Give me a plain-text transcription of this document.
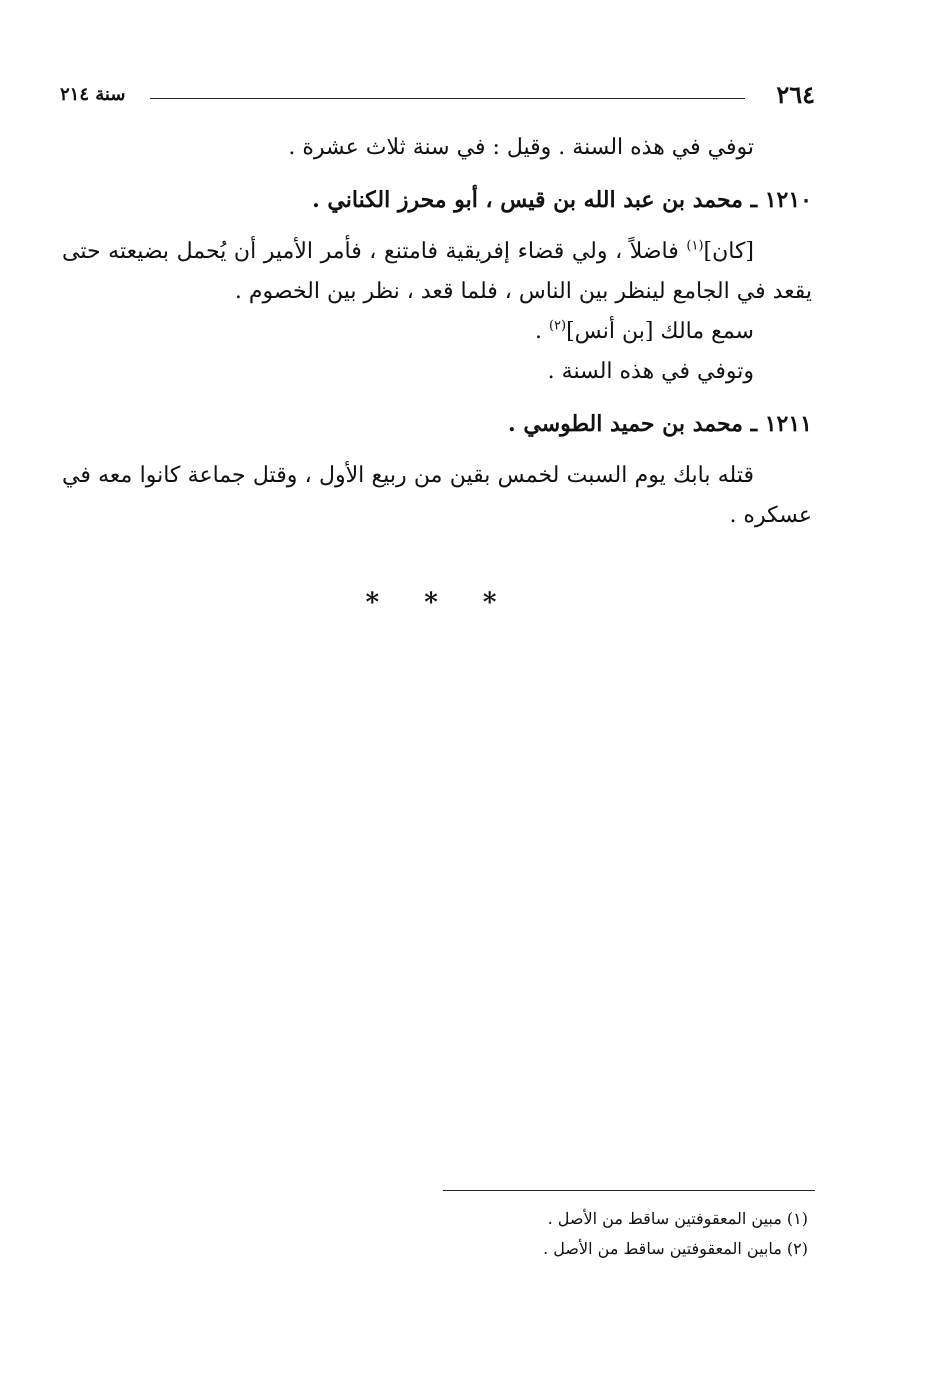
٢٦٤
سنة ٢١٤

توفي في هذه السنة . وقيل : في سنة ثلاث عشرة .

١٢١٠ ـ محمد بن عبد الله بن قيس ، أبو محرز الكناني .

[كان]$^{(١)}$ فاضلاً ، ولي قضاء إفريقية فامتنع ، فأمر الأمير أن يُحمل بضيعته حتى يقعد في الجامع لينظر بين الناس ، فلما قعد ، نظر بين الخصوم .

سمع مالك [بن أنس]$^{(٢)}$ .

وتوفي في هذه السنة .

١٢١١ ـ محمد بن حميد الطوسي .

قتله بابك يوم السبت لخمس بقين من ربيع الأول ، وقتل جماعة كانوا معه في عسكره .

* * *
(١) مبين المعقوفتين ساقط من الأصل .
(٢) مابين المعقوفتين ساقط من الأصل .
